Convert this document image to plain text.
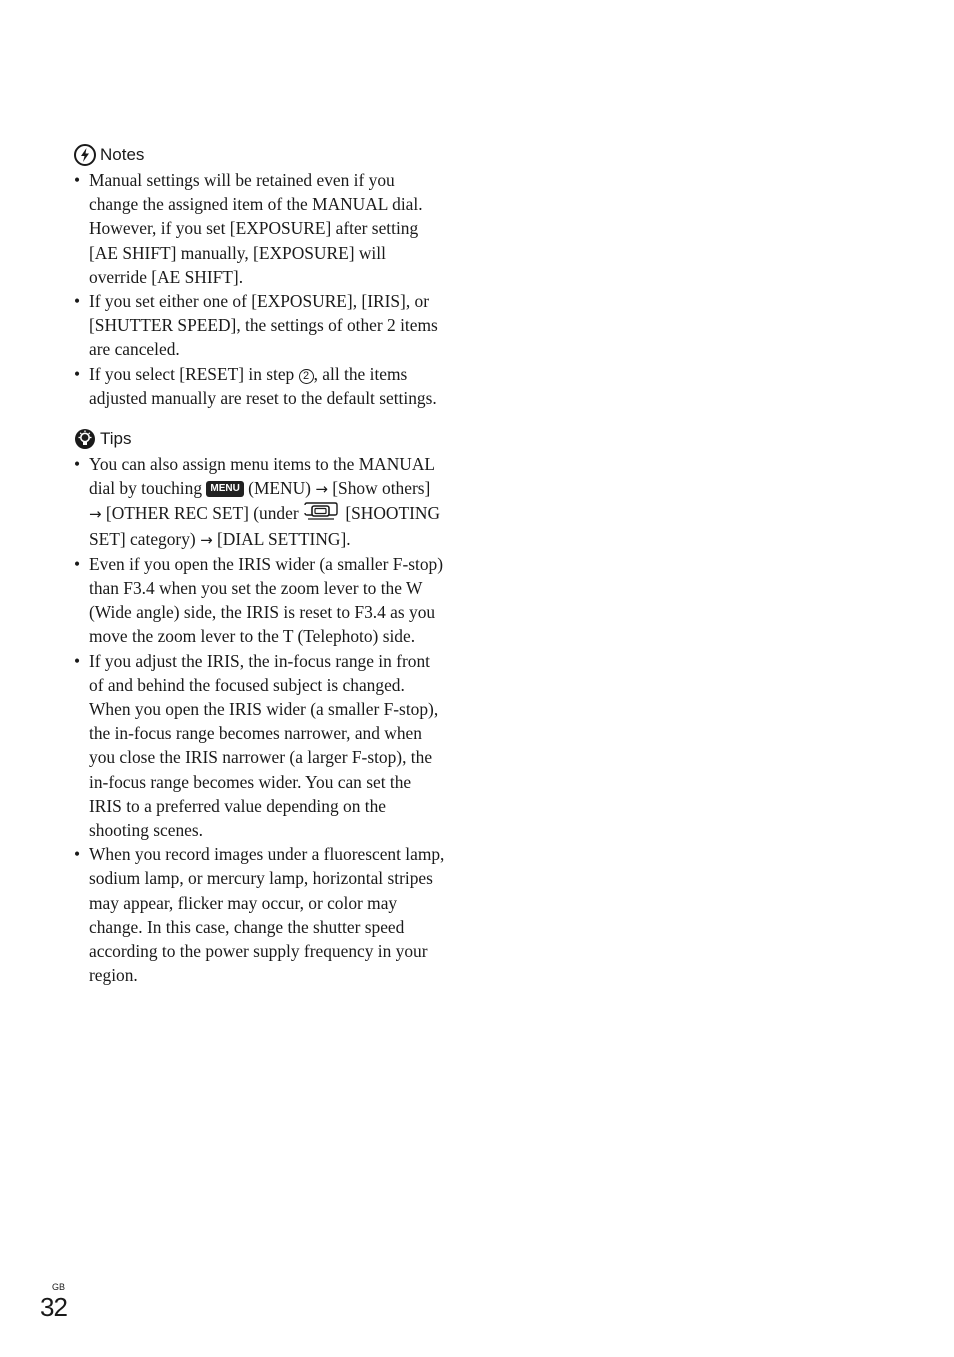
Notes
• Manual settings will be retained even if you change the assigned item of the MANUAL dial. However, if you set [EXPOSURE] after setting [AE SHIFT] manually, [EXPOSURE] will override [AE SHIFT].
• If you set either one of [EXPOSURE], [IRIS], or [SHUTTER SPEED], the settings of other 2 items are canceled.
• If you select [RESET] in step 2 , all the items adjusted manually are reset to the default settings.
Tips
• You can also assign menu items to the MANUAL dial by touching MENU (MENU) → [Show others] → [OTHER REC SET] (under  [SHOOTING SET] category) → [DIAL SETTING].
• Even if you open the IRIS wider (a smaller F-stop) than F3.4 when you set the zoom lever to the W (Wide angle) side, the IRIS is reset to F3.4 as you move the zoom lever to the T (Telephoto) side.
• If you adjust the IRIS, the in-focus range in front of and behind the focused subject is changed. When you open the IRIS wider (a smaller F-stop), the in-focus range becomes narrower, and when you close the IRIS narrower (a larger F-stop), the in-focus range becomes wider. You can set the IRIS to a preferred value depending on the shooting scenes.
• When you record images under a fluorescent lamp, sodium lamp, or mercury lamp, horizontal stripes may appear, flicker may occur, or color may change. In this case, change the shutter speed according to the power supply frequency in your region.
GB
32
